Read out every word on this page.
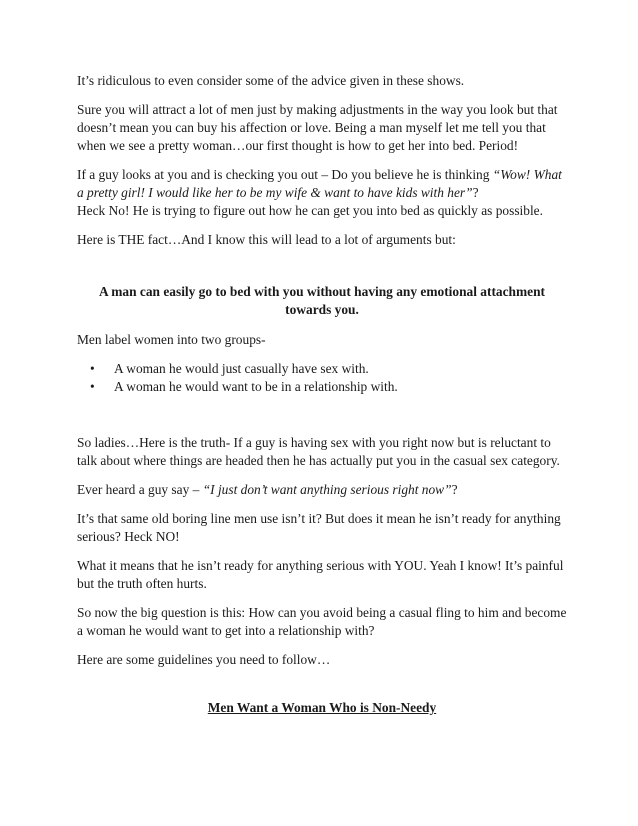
It’s ridiculous to even consider some of the advice given in these shows.

Sure you will attract a lot of men just by making adjustments in the way you look but that doesn’t mean you can buy his affection or love. Being a man myself let me tell you that when we see a pretty woman…our first thought is how to get her into bed. Period!

If a guy looks at you and is checking you out – Do you believe he is thinking “Wow! What a pretty girl! I would like her to be my wife & want to have kids with her”?
Heck No! He is trying to figure out how he can get you into bed as quickly as possible.

Here is THE fact…And I know this will lead to a lot of arguments but:

A man can easily go to bed with you without having any emotional attachment towards you.

Men label women into two groups-

• A woman he would just casually have sex with.
• A woman he would want to be in a relationship with.

So ladies…Here is the truth- If a guy is having sex with you right now but is reluctant to talk about where things are headed then he has actually put you in the casual sex category.

Ever heard a guy say – “I just don’t want anything serious right now”?

It’s that same old boring line men use isn’t it? But does it mean he isn’t ready for anything serious? Heck NO!

What it means that he isn’t ready for anything serious with YOU. Yeah I know! It’s painful but the truth often hurts.

So now the big question is this: How can you avoid being a casual fling to him and become a woman he would want to get into a relationship with?

Here are some guidelines you need to follow…

Men Want a Woman Who is Non-Needy
